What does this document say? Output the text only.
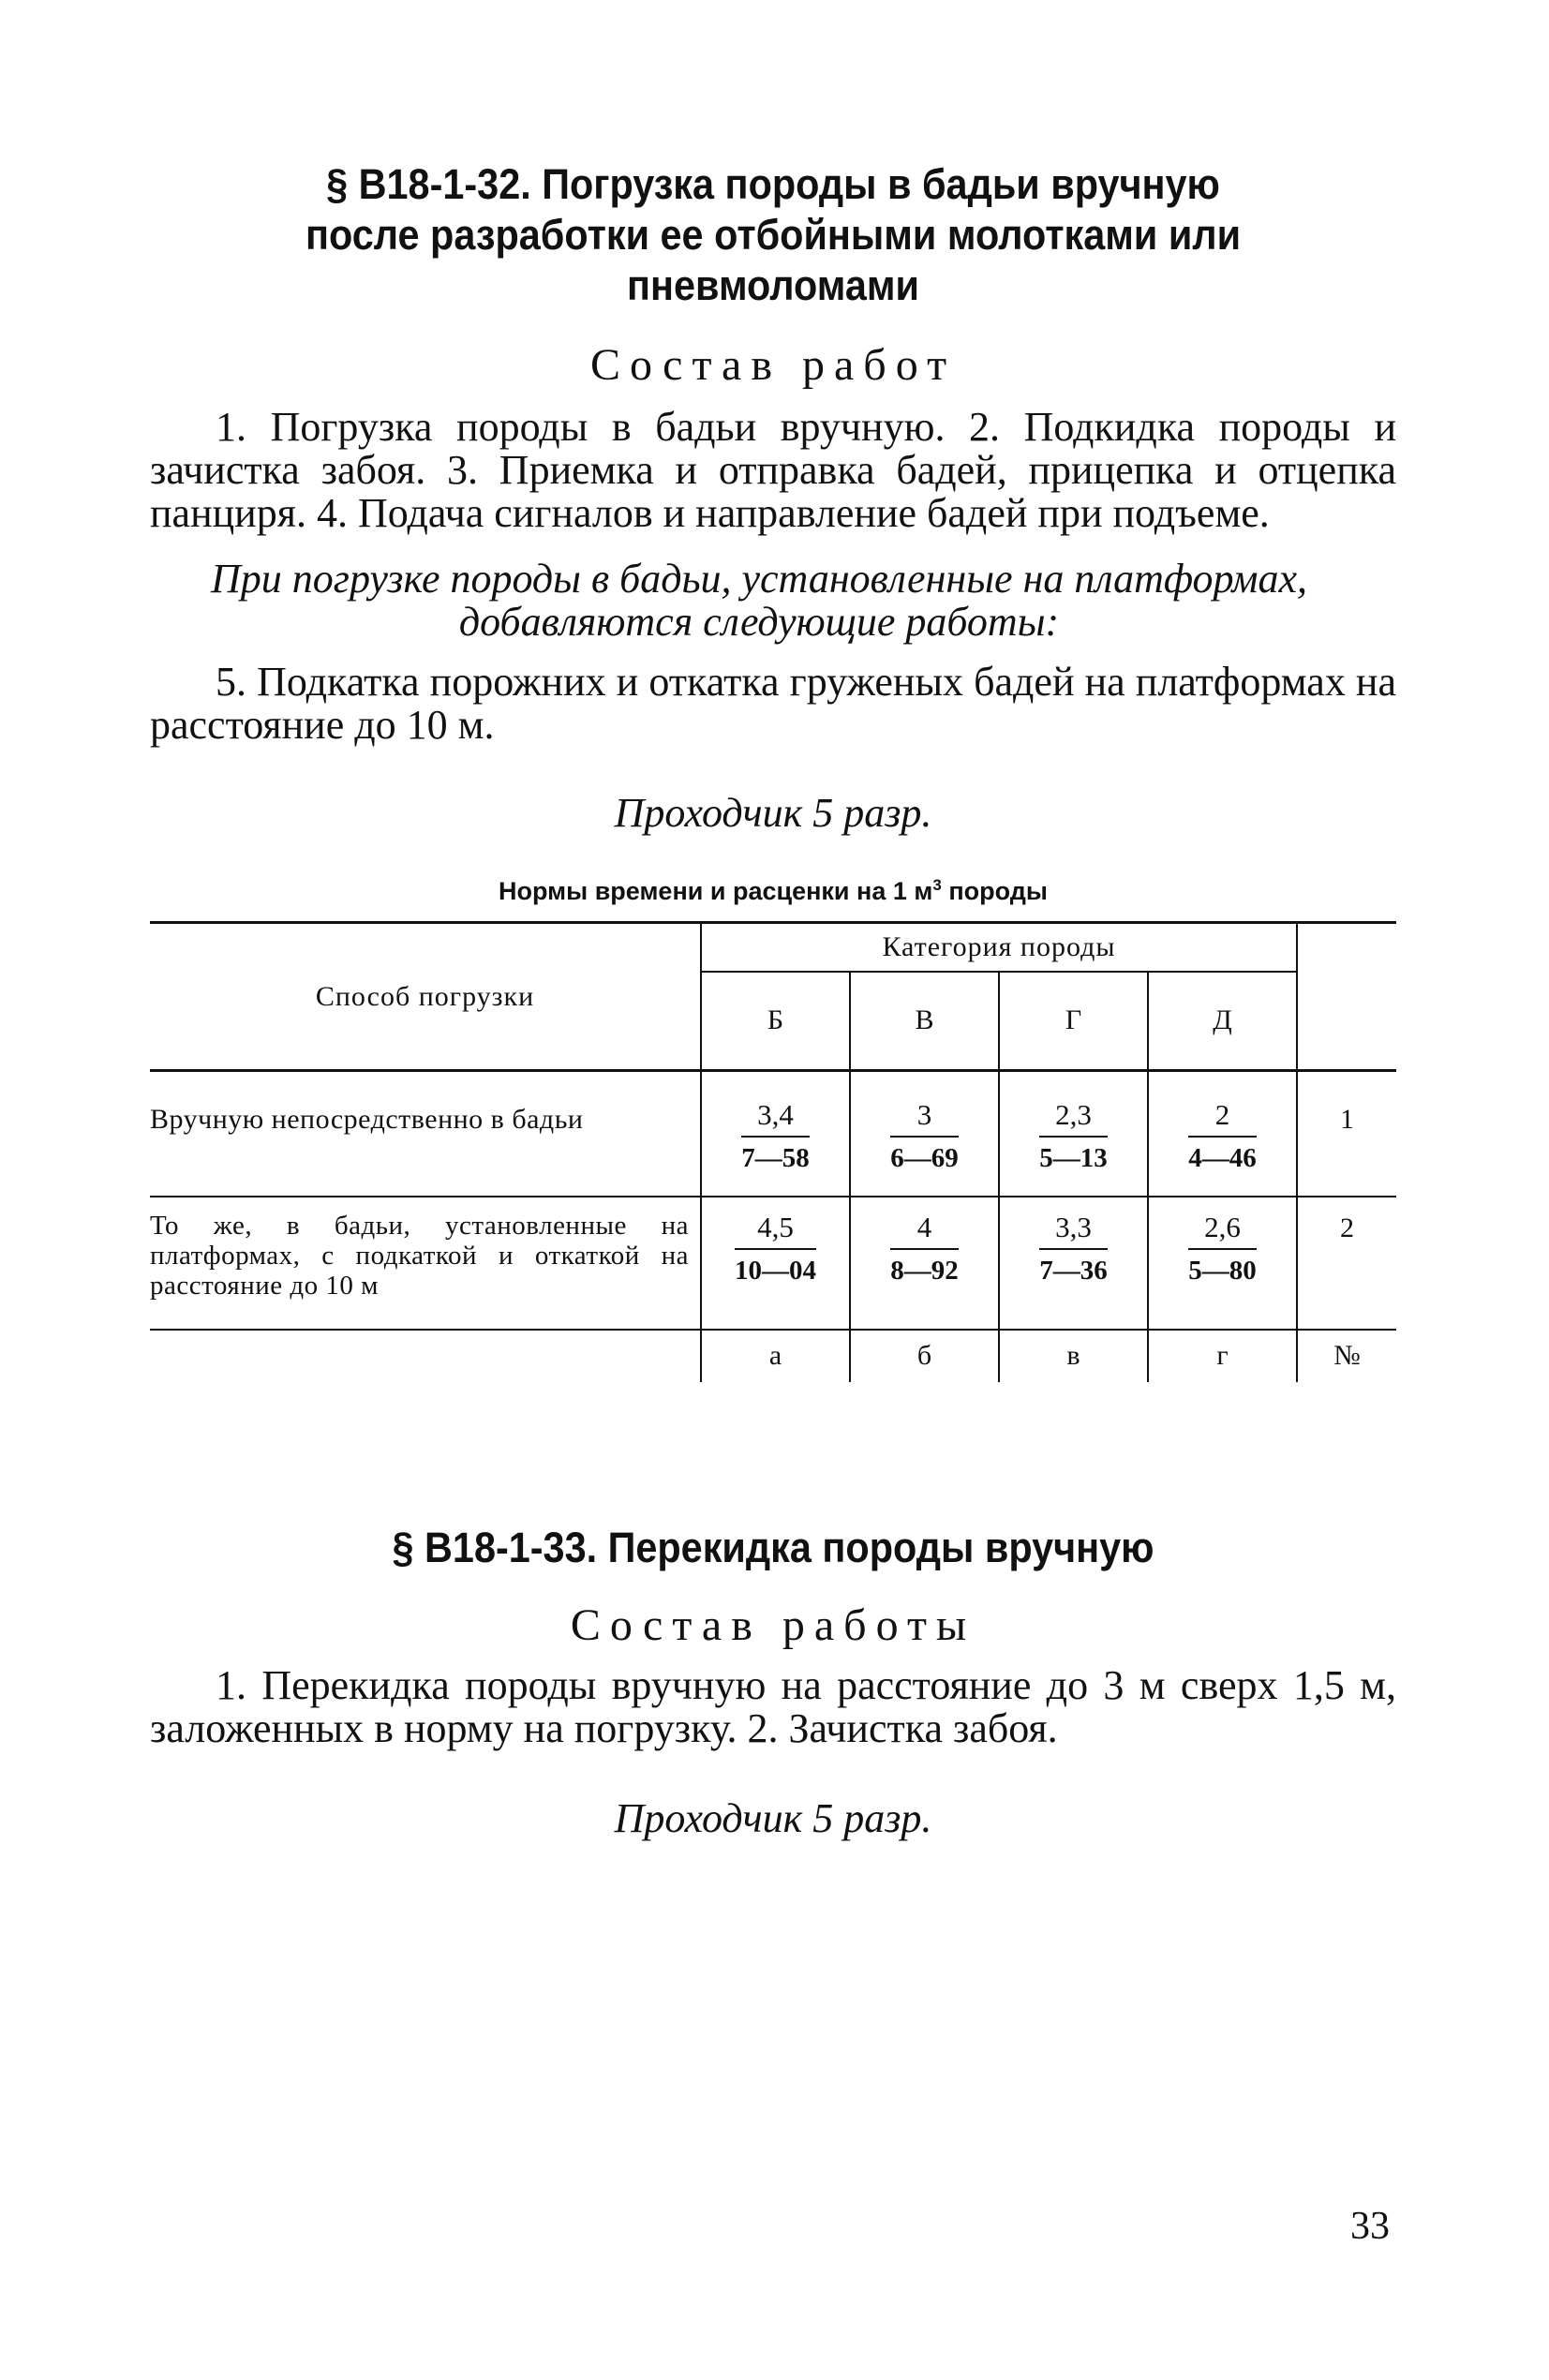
§ В18-1-32. Погрузка породы в бадьи вручную
после разработки ее отбойными молотками или пневмоломами
Состав работ

1. Погрузка породы в бадьи вручную. 2. Подкидка породы и зачистка забоя. 3. Приемка и отправка бадей, прицепка и отцепка панциря. 4. Подача сигналов и направление бадей при подъеме.

При погрузке породы в бадьи, установленные на платформах, добавляются следующие работы:

5. Подкатка порожних и откатка груженых бадей на платформах на расстояние до 10 м.

Проходчик 5 разр.

Нормы времени и расценки на 1 $м^3$ породы
Способ погрузки	Категория породы				
	Б	В	Г	Д	
Вручную непосредственно в бадьи	$\frac{3,4}{7—58}$	$\frac{3}{6—69}$	$\frac{2,3}{5—13}$	$\frac{2}{4—46}$	1
То же, в бадьи, установленные на платформах, с подкаткой и откаткой на расстояние до 10 м	$\frac{4,5}{10—04}$	$\frac{4}{8—92}$	$\frac{3,3}{7—36}$	$\frac{2,6}{5—80}$	2
	а	б	в	г	№
§ В18-1-33. Перекидка породы вручную
Состав работы

1. Перекидка породы вручную на расстояние до 3 м сверх 1,5 м, заложенных в норму на погрузку. 2. Зачистка забоя.

Проходчик 5 разр.

33
